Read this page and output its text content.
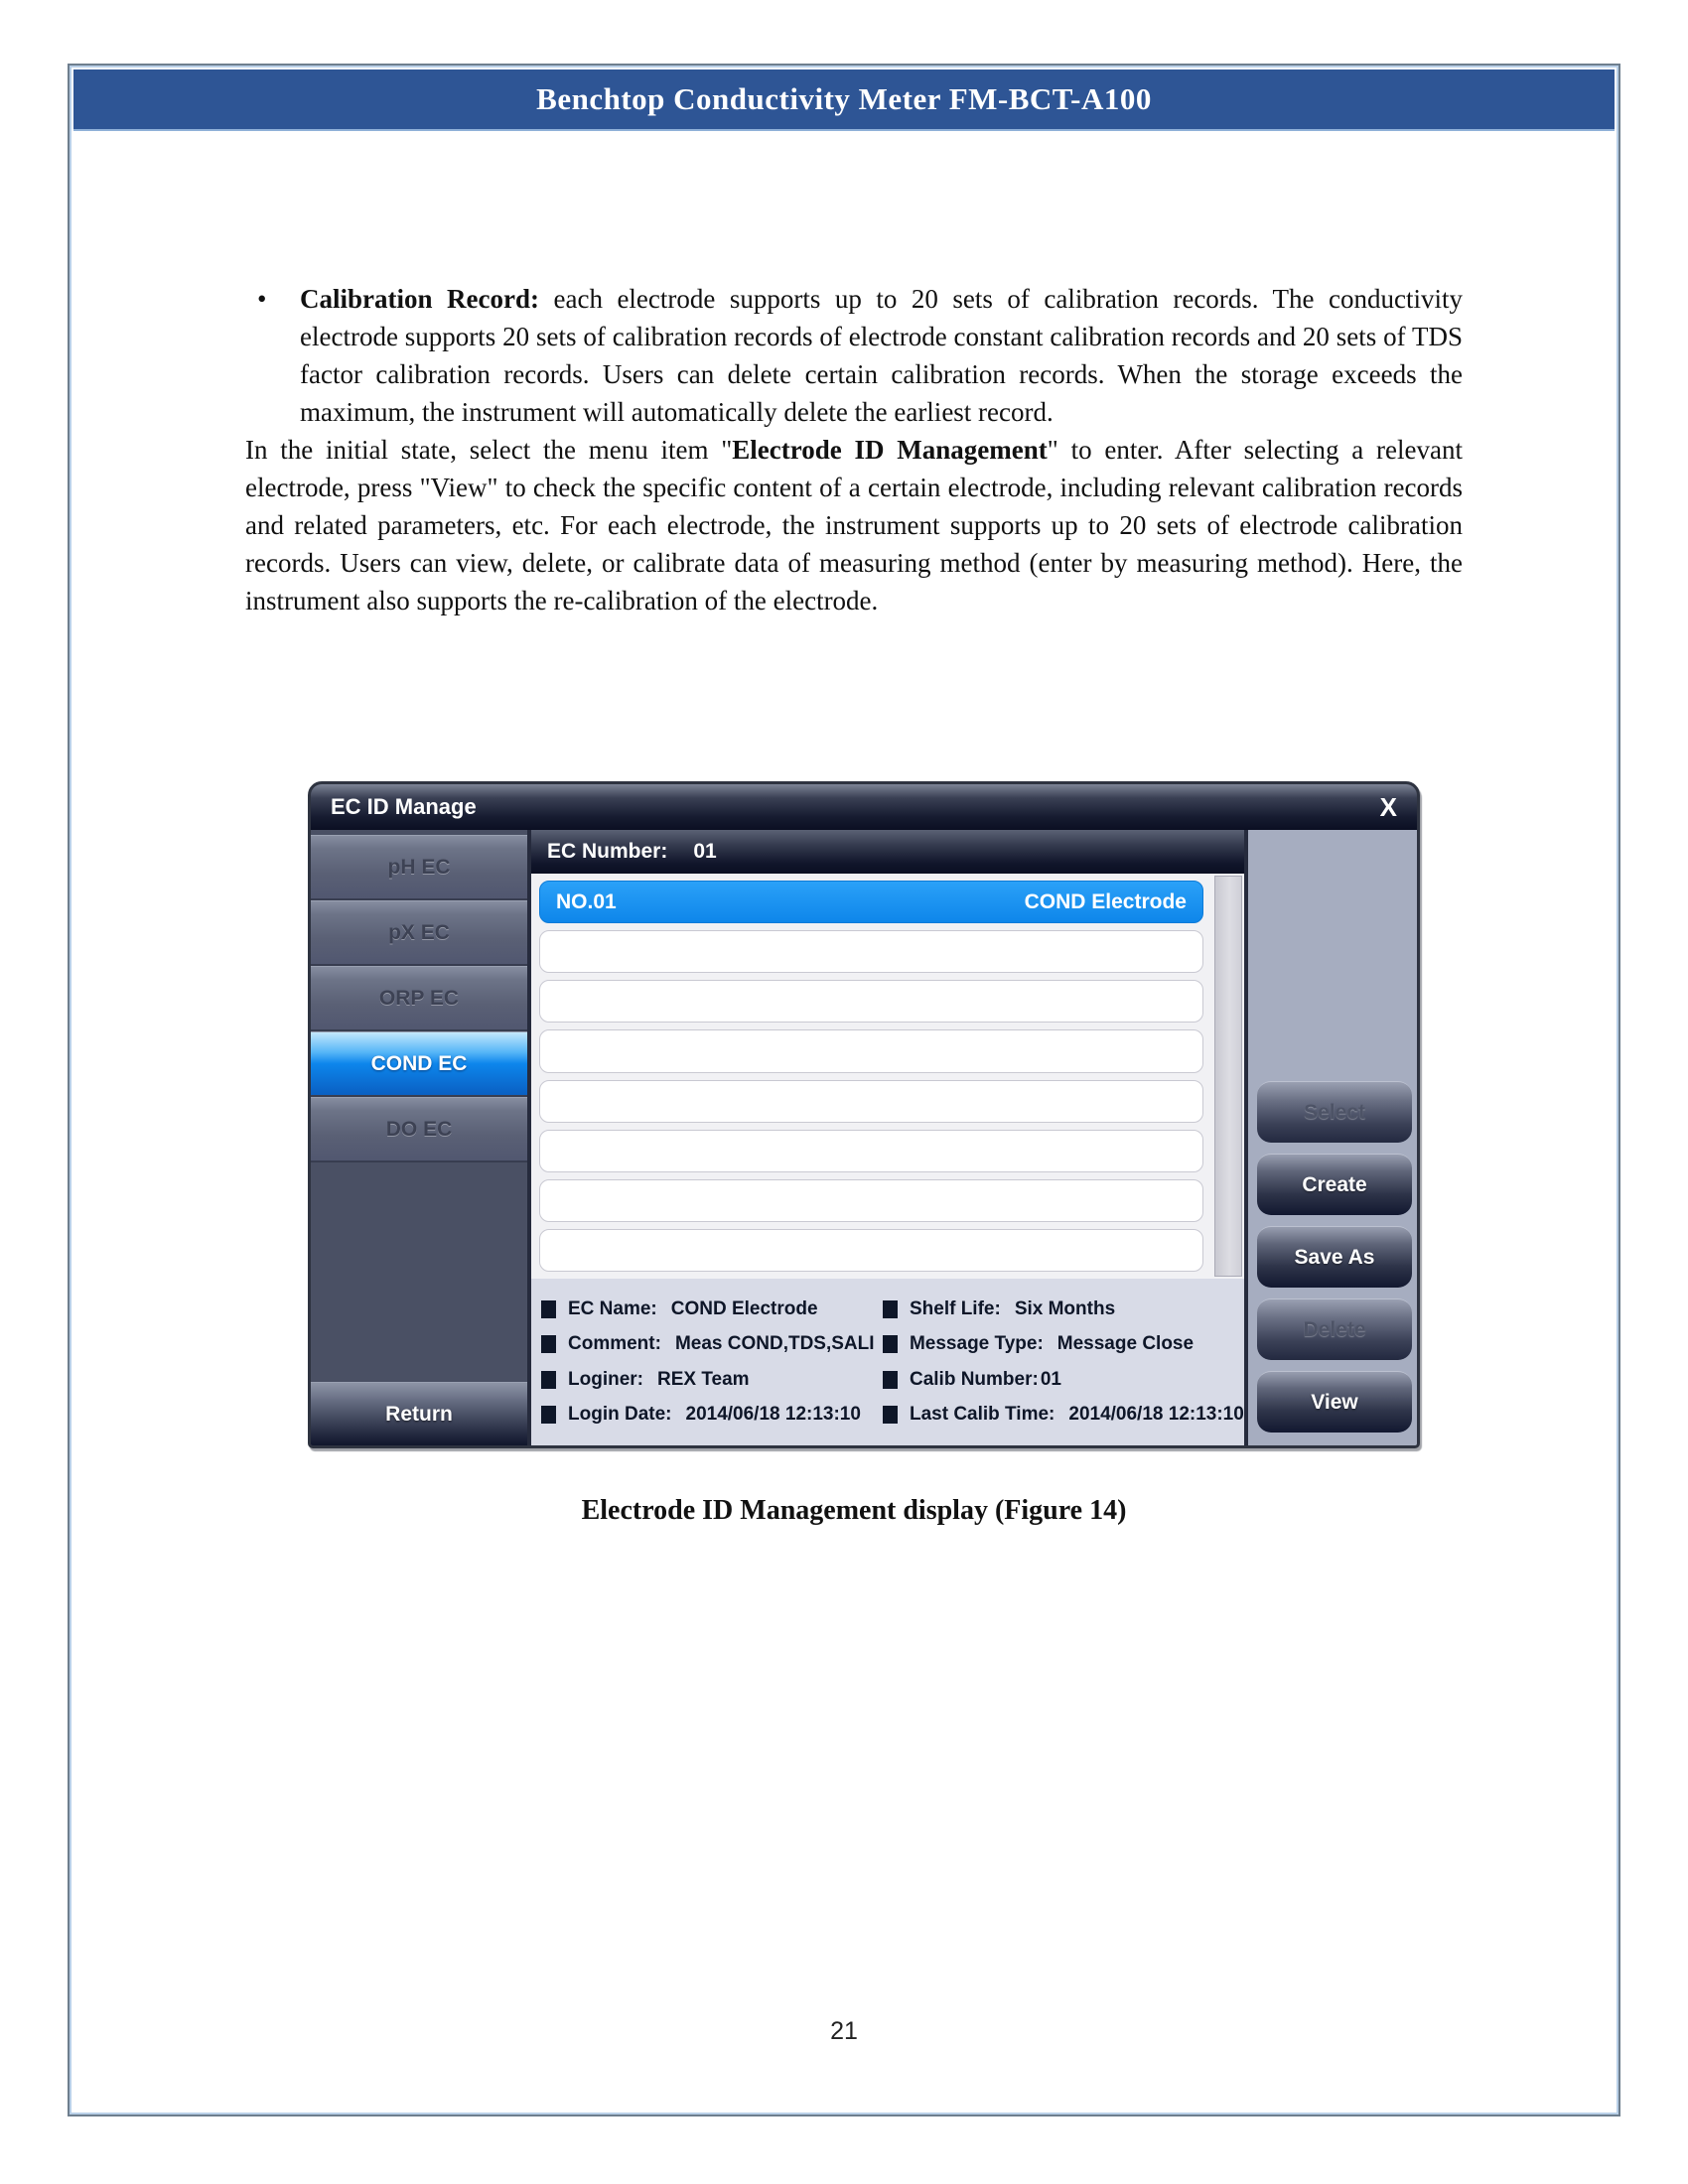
Benchtop Conductivity Meter FM-BCT-A100
• Calibration Record: each electrode supports up to 20 sets of calibration records. The conductivity electrode supports 20 sets of calibration records of electrode constant calibration records and 20 sets of TDS factor calibration records. Users can delete certain calibration records. When the storage exceeds the maximum, the instrument will automatically delete the earliest record.
In the initial state, select the menu item "Electrode ID Management" to enter. After selecting a relevant electrode, press "View" to check the specific content of a certain electrode, including relevant calibration records and related parameters, etc. For each electrode, the instrument supports up to 20 sets of electrode calibration records. Users can view, delete, or calibrate data of measuring method (enter by measuring method). Here, the instrument also supports the re-calibration of the electrode.
EC ID Manage	X
pH EC
pX EC
ORP EC
COND EC
DO EC
Return
EC Number: 01
NO.01	COND Electrode
EC Name: COND Electrode	Shelf Life: Six Months
Comment: Meas COND,TDS,SALI Message Type: Message Close
Loginer: REX Team	Calib Number: 01
Login Date: 2014/06/18 12:13:10	Last Calib Time: 2014/06/18 12:13:10
Select
Create
Save As
Delete
View
Electrode ID Management display (Figure 14)
21
